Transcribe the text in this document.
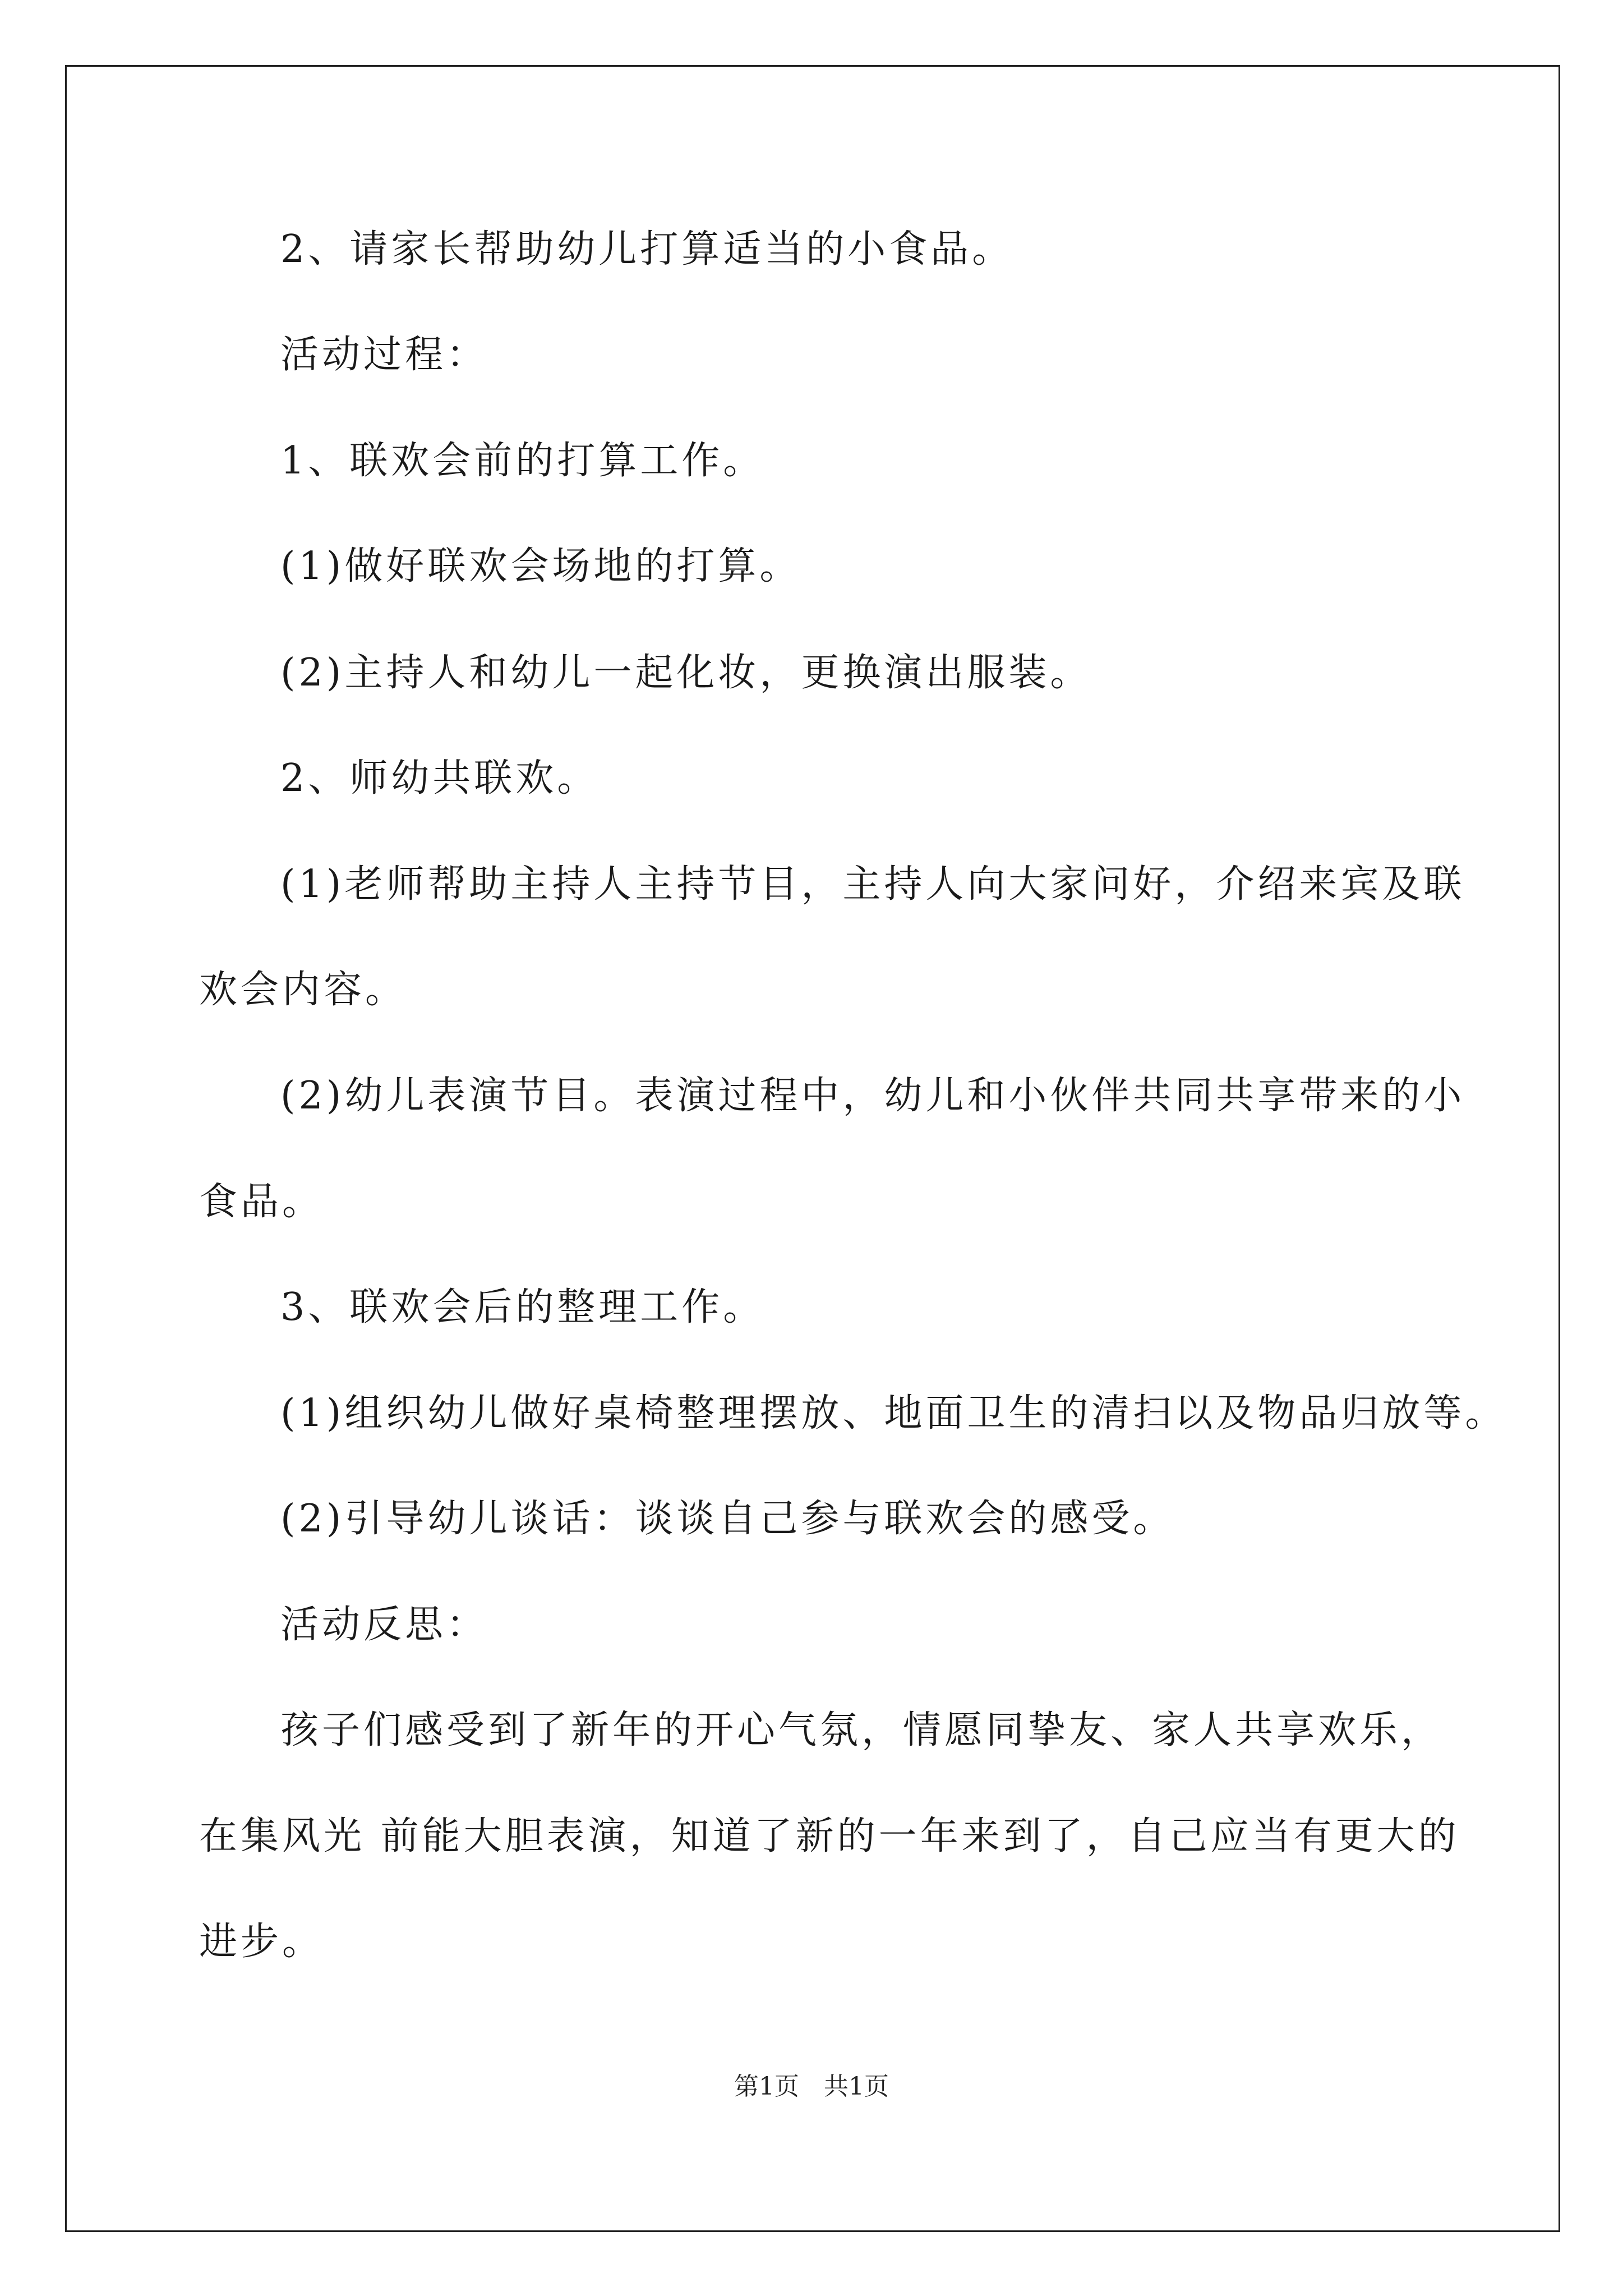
2、请家长帮助幼儿打算适当的小食品。
活动过程：
1、联欢会前的打算工作。
(1)做好联欢会场地的打算。
(2)主持人和幼儿一起化妆，更换演出服装。
2、师幼共联欢。
(1)老师帮助主持人主持节目，主持人向大家问好，介绍来宾及联
欢会内容。
(2)幼儿表演节目。表演过程中，幼儿和小伙伴共同共享带来的小
食品。
3、联欢会后的整理工作。
(1)组织幼儿做好桌椅整理摆放、地面卫生的清扫以及物品归放等。
(2)引导幼儿谈话：谈谈自己参与联欢会的感受。
活动反思：
孩子们感受到了新年的开心气氛，情愿同挚友、家人共享欢乐，
在集风光 前能大胆表演，知道了新的一年来到了，自己应当有更大的
进步。
第1页　共1页
